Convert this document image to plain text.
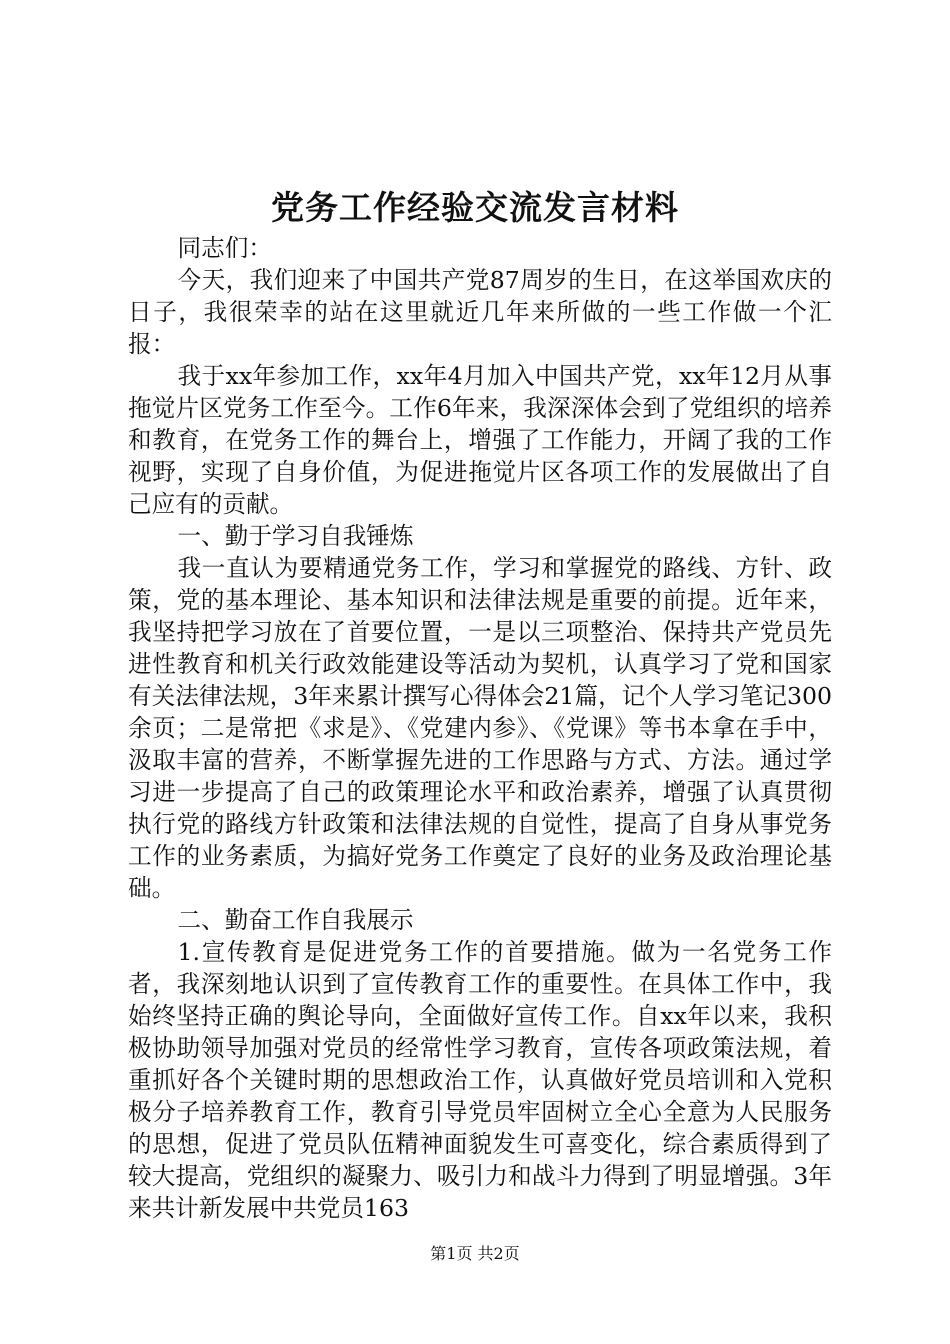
党务工作经验交流发言材料

同志们：

今天，我们迎来了中国共产党87周岁的生日，在这举国欢庆的日子，我很荣幸的站在这里就近几年来所做的一些工作做一个汇报：

我于xx年参加工作，xx年4月加入中国共产党，xx年12月从事拖觉片区党务工作至今。工作6年来，我深深体会到了党组织的培养和教育，在党务工作的舞台上，增强了工作能力，开阔了我的工作视野，实现了自身价值，为促进拖觉片区各项工作的发展做出了自己应有的贡献。

一、勤于学习自我锤炼

我一直认为要精通党务工作，学习和掌握党的路线、方针、政策，党的基本理论、基本知识和法律法规是重要的前提。近年来，我坚持把学习放在了首要位置，一是以三项整治、保持共产党员先进性教育和机关行政效能建设等活动为契机，认真学习了党和国家有关法律法规，3年来累计撰写心得体会21篇，记个人学习笔记300余页；二是常把《求是》、《党建内参》、《党课》等书本拿在手中，汲取丰富的营养，不断掌握先进的工作思路与方式、方法。通过学习进一步提高了自己的政策理论水平和政治素养，增强了认真贯彻执行党的路线方针政策和法律法规的自觉性，提高了自身从事党务工作的业务素质，为搞好党务工作奠定了良好的业务及政治理论基础。

二、勤奋工作自我展示

1.宣传教育是促进党务工作的首要措施。做为一名党务工作者，我深刻地认识到了宣传教育工作的重要性。在具体工作中，我始终坚持正确的舆论导向，全面做好宣传工作。自xx年以来，我积极协助领导加强对党员的经常性学习教育，宣传各项政策法规，着重抓好各个关键时期的思想政治工作，认真做好党员培训和入党积极分子培养教育工作，教育引导党员牢固树立全心全意为人民服务的思想，促进了党员队伍精神面貌发生可喜变化，综合素质得到了较大提高，党组织的凝聚力、吸引力和战斗力得到了明显增强。3年来共计新发展中共党员163

第1页 共2页
